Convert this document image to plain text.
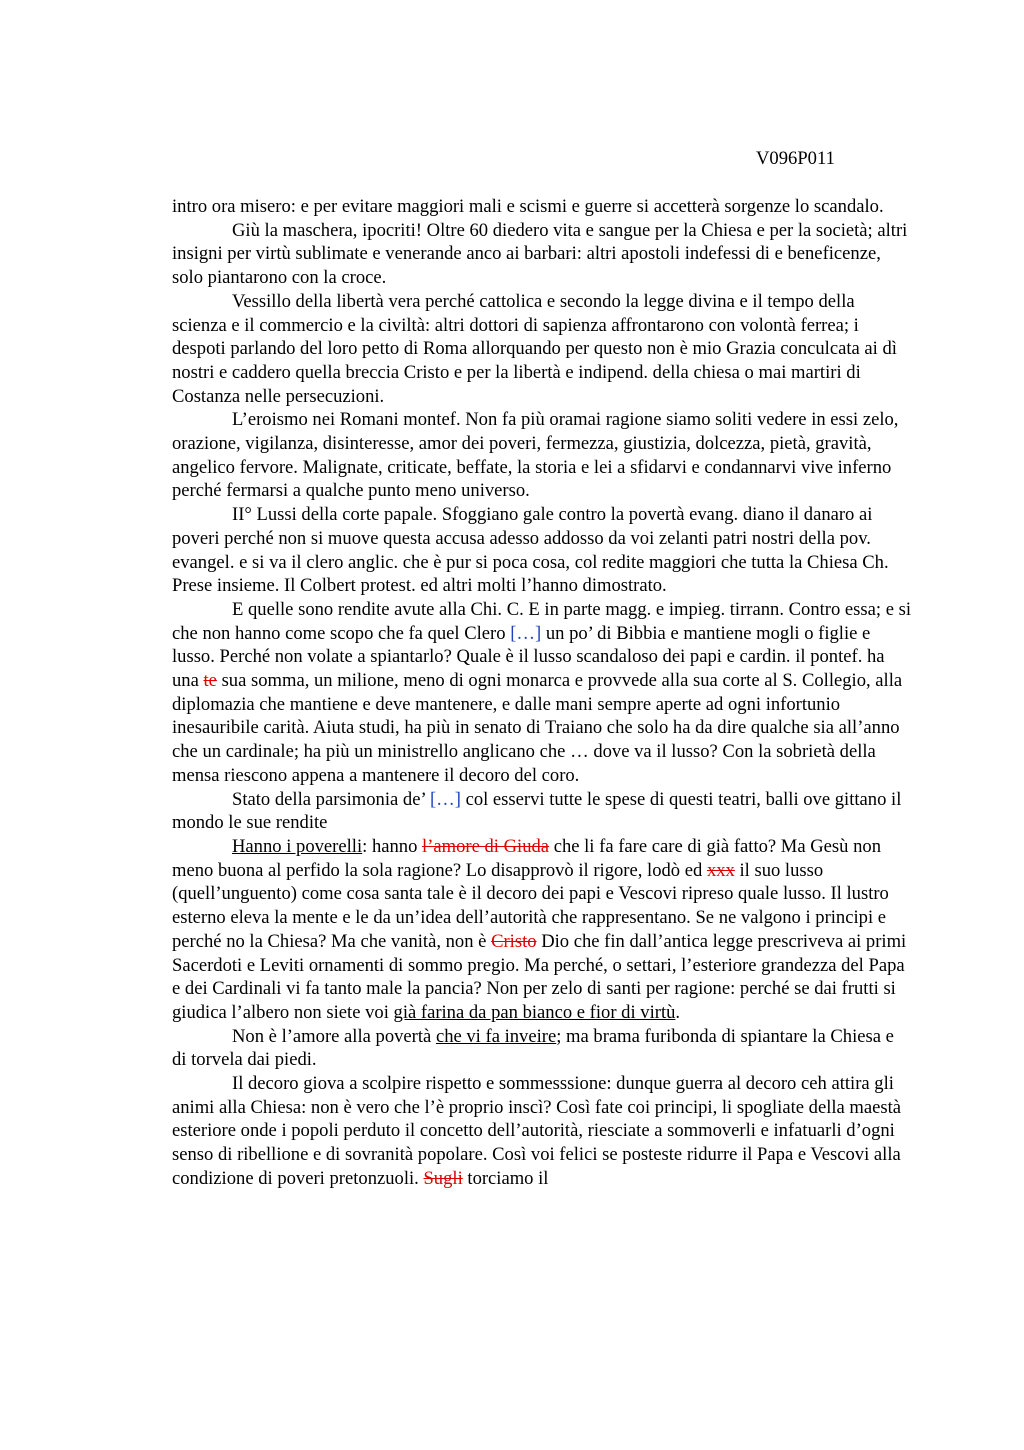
V096P011

intro ora misero: e per evitare maggiori mali e scismi e guerre si accetterà sorgenze lo scandalo.

Giù la maschera, ipocriti! Oltre 60 diedero vita e sangue per la Chiesa e per la società; altri insigni per virtù sublimate e venerande anco ai barbari: altri apostoli indefessi di e beneficenze, solo piantarono con la croce.

Vessillo della libertà vera perché cattolica e secondo la legge divina e il tempo della scienza e il commercio e la civiltà: altri dottori di sapienza affrontarono con volontà ferrea; i despoti parlando del loro petto di Roma allorquando per questo non è mio Grazia conculcata ai dì nostri e caddero quella breccia Cristo e per la libertà e indipend. della chiesa o mai martiri di Costanza nelle persecuzioni.

L’eroismo nei Romani montef. Non fa più oramai ragione siamo soliti vedere in essi zelo, orazione, vigilanza, disinteresse, amor dei poveri, fermezza, giustizia, dolcezza, pietà, gravità, angelico fervore. Malignate, criticate, beffate, la storia e lei a sfidarvi e condannarvi vive inferno perché fermarsi a qualche punto meno universo.

II° Lussi della corte papale. Sfoggiano gale contro la povertà evang. diano il danaro ai poveri perché non si muove questa accusa adesso addosso da voi zelanti patri nostri della pov. evangel. e si va il clero anglic. che è pur si poca cosa, col redite maggiori che tutta la Chiesa Ch. Prese insieme. Il Colbert protest. ed altri molti l’hanno dimostrato.

E quelle sono rendite avute alla Chi. C. E in parte magg. e impieg. tirrann. Contro essa; e si che non hanno come scopo che fa quel Clero […] un po’ di Bibbia e mantiene mogli o figlie e lusso. Perché non volate a spiantarlo? Quale è il lusso scandaloso dei papi e cardin. il pontef. ha una te sua somma, un milione, meno di ogni monarca e provvede alla sua corte al S. Collegio, alla diplomazia che mantiene e deve mantenere, e dalle mani sempre aperte ad ogni infortunio inesauribile carità. Aiuta studi, ha più in senato di Traiano che solo ha da dire qualche sia all’anno che un cardinale; ha più un ministrello anglicano che … dove va il lusso? Con la sobrietà della mensa riescono appena a mantenere il decoro del coro.

Stato della parsimonia de’ […] col esservi tutte le spese di questi teatri, balli ove gittano il mondo le sue rendite

Hanno i poverelli: hanno l’amore di Giuda che li fa fare care di già fatto? Ma Gesù non meno buona al perfido la sola ragione? Lo disapprovò il rigore, lodò ed xxx il suo lusso (quell’unguento) come cosa santa tale è il decoro dei papi e Vescovi ripreso quale lusso. Il lustro esterno eleva la mente e le da un’idea dell’autorità che rappresentano. Se ne valgono i principi e perché no la Chiesa? Ma che vanità, non è Cristo Dio che fin dall’antica legge prescriveva ai primi Sacerdoti e Leviti ornamenti di sommo pregio. Ma perché, o settari, l’esteriore grandezza del Papa e dei Cardinali vi fa tanto male la pancia? Non per zelo di santi per ragione: perché se dai frutti si giudica l’albero non siete voi già farina da pan bianco e fior di virtù.

Non è l’amore alla povertà che vi fa inveire; ma brama furibonda di spiantare la Chiesa e di torvela dai piedi.

Il decoro giova a scolpire rispetto e sommesssione: dunque guerra al decoro ceh attira gli animi alla Chiesa: non è vero che l’è proprio inscì? Così fate coi principi, li spogliate della maestà esteriore onde i popoli perduto il concetto dell’autorità, riesciate a sommoverli e infatuarli d’ogni senso di ribellione e di sovranità popolare. Così voi felici se posteste ridurre il Papa e Vescovi alla condizione di poveri pretonzuoli. Sugli torciamo il
